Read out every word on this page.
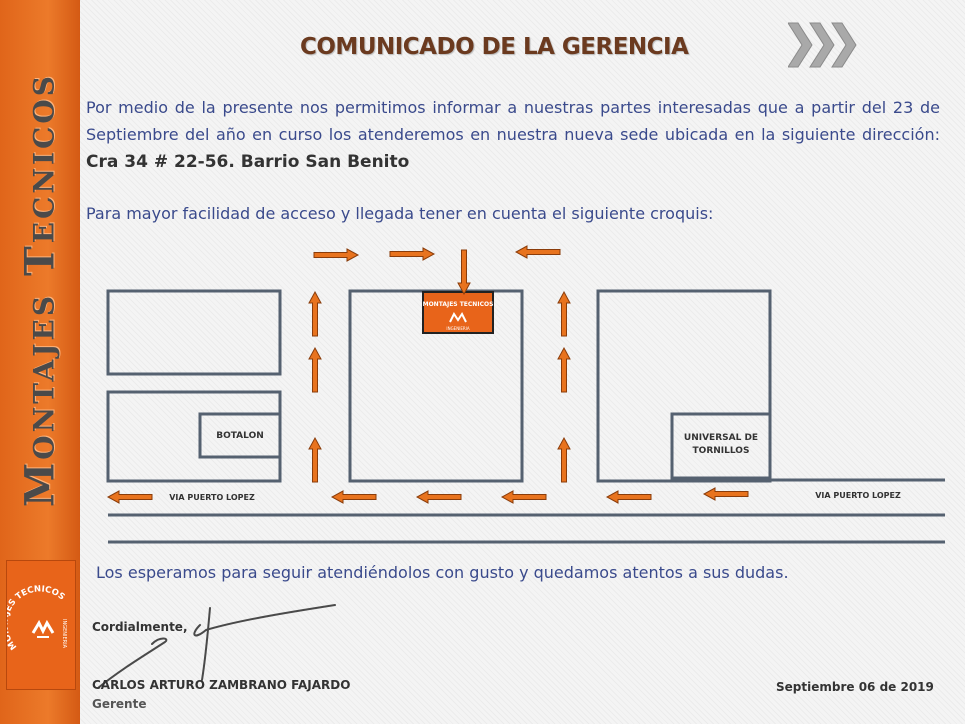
Montajes Tecnicos
M S TECNICOS
INGENIERIA
COMUNICADO DE LA GERENCIA
Por medio de la presente nos permitimos informar a nuestras partes interesadas que a partir del 23 de Septiembre del año en curso los atenderemos en nuestra nueva sede ubicada en la siguiente dirección: Cra 34 # 22-56. Barrio San Benito
Para mayor facilidad de acceso y llegada tener en cuenta el siguiente croquis:
BOTALON	UNIVERSAL DE
TORNILLOS
VIA PUERTO LOPEZ	VIA PUERTO LOPEZ
MONTAJES TECNICOS
INGENIERIA
Los esperamos para seguir atendiéndolos con gusto y quedamos atentos a sus dudas.
Cordialmente,
CARLOS ARTURO ZAMBRANO FAJARDO
Gerente
Septiembre 06 de 2019
